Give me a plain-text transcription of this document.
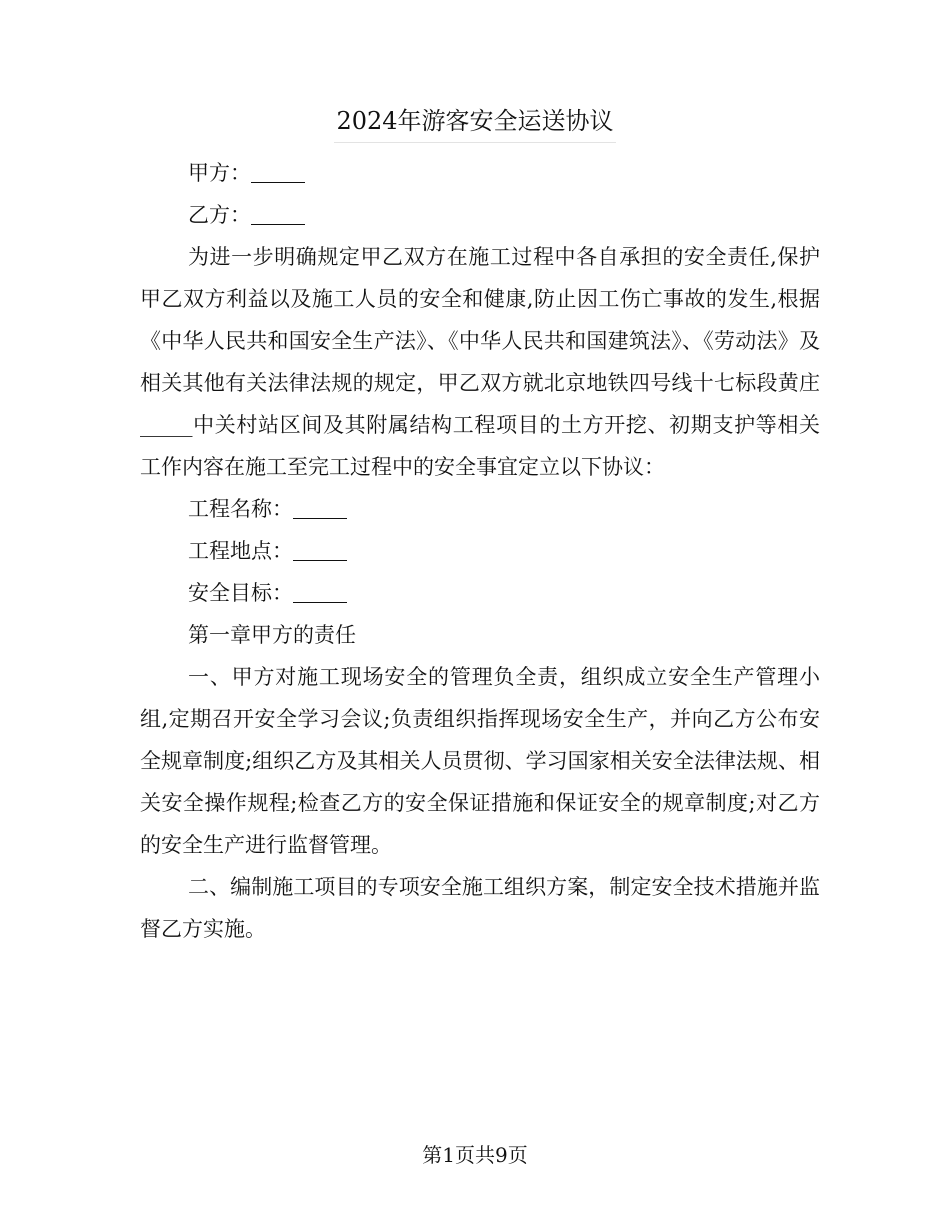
2024年游客安全运送协议

甲方：

乙方：

为进一步明确规定甲乙双方在施工过程中各自承担的安全责任,保护甲乙双方利益以及施工人员的安全和健康,防止因工伤亡事故的发生,根据《中华人民共和国安全生产法》、《中华人民共和国建筑法》、《劳动法》及相关其他有关法律法规的规定，甲乙双方就北京地铁四号线十七标段黄庄_____中关村站区间及其附属结构工程项目的土方开挖、初期支护等相关工作内容在施工至完工过程中的安全事宜定立以下协议：

工程名称：

工程地点：

安全目标：

第一章甲方的责任

一、甲方对施工现场安全的管理负全责，组织成立安全生产管理小组,定期召开安全学习会议;负责组织指挥现场安全生产，并向乙方公布安全规章制度;组织乙方及其相关人员贯彻、学习国家相关安全法律法规、相关安全操作规程;检查乙方的安全保证措施和保证安全的规章制度;对乙方的安全生产进行监督管理。

二、编制施工项目的专项安全施工组织方案，制定安全技术措施并监督乙方实施。

第1页共9页
